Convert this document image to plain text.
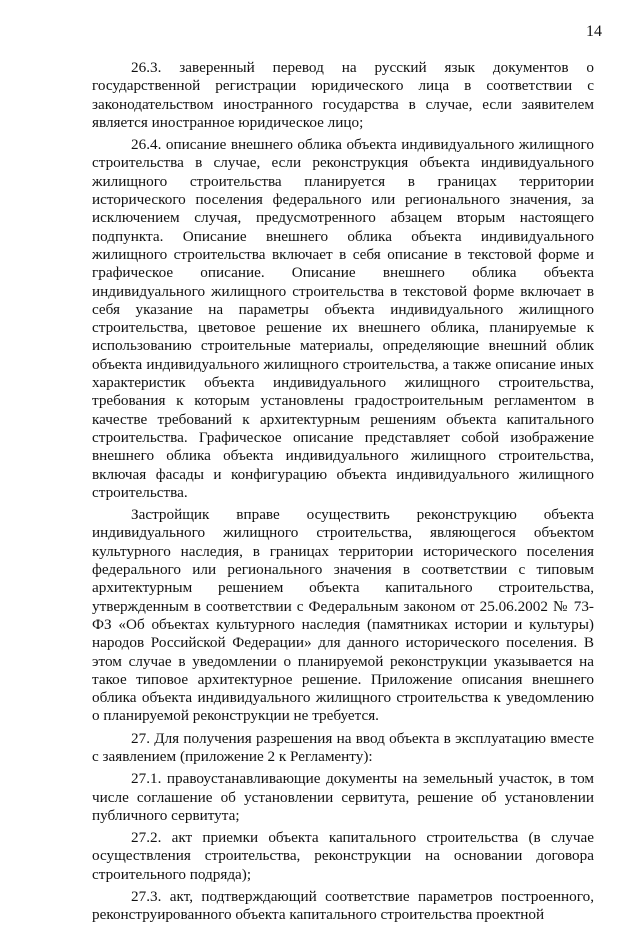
14

26.3. заверенный перевод на русский язык документов о государственной регистрации юридического лица в соответствии с законодательством иностранного государства в случае, если заявителем является иностранное юридическое лицо;

26.4. описание внешнего облика объекта индивидуального жилищного строительства в случае, если реконструкция объекта индивидуального жилищного строительства планируется в границах территории исторического поселения федерального или регионального значения, за исключением случая, предусмотренного абзацем вторым настоящего подпункта. Описание внешнего облика объекта индивидуального жилищного строительства включает в себя описание в текстовой форме и графическое описание. Описание внешнего облика объекта индивидуального жилищного строительства в текстовой форме включает в себя указание на параметры объекта индивидуального жилищного строительства, цветовое решение их внешнего облика, планируемые к использованию строительные материалы, определяющие внешний облик объекта индивидуального жилищного строительства, а также описание иных характеристик объекта индивидуального жилищного строительства, требования к которым установлены градостроительным регламентом в качестве требований к архитектурным решениям объекта капитального строительства. Графическое описание представляет собой изображение внешнего облика объекта индивидуального жилищного строительства, включая фасады и конфигурацию объекта индивидуального жилищного строительства.

Застройщик вправе осуществить реконструкцию объекта индивидуального жилищного строительства, являющегося объектом культурного наследия, в границах территории исторического поселения федерального или регионального значения в соответствии с типовым архитектурным решением объекта капитального строительства, утвержденным в соответствии с Федеральным законом от 25.06.2002 № 73-ФЗ «Об объектах культурного наследия (памятниках истории и культуры) народов Российской Федерации» для данного исторического поселения. В этом случае в уведомлении о планируемой реконструкции указывается на такое типовое архитектурное решение. Приложение описания внешнего облика объекта индивидуального жилищного строительства к уведомлению о планируемой реконструкции не требуется.

27. Для получения разрешения на ввод объекта в эксплуатацию вместе с заявлением (приложение 2 к Регламенту):

27.1. правоустанавливающие документы на земельный участок, в том числе соглашение об установлении сервитута, решение об установлении публичного сервитута;

27.2. акт приемки объекта капитального строительства (в случае осуществления строительства, реконструкции на основании договора строительного подряда);

27.3. акт, подтверждающий соответствие параметров построенного, реконструированного объекта капитального строительства проектной
